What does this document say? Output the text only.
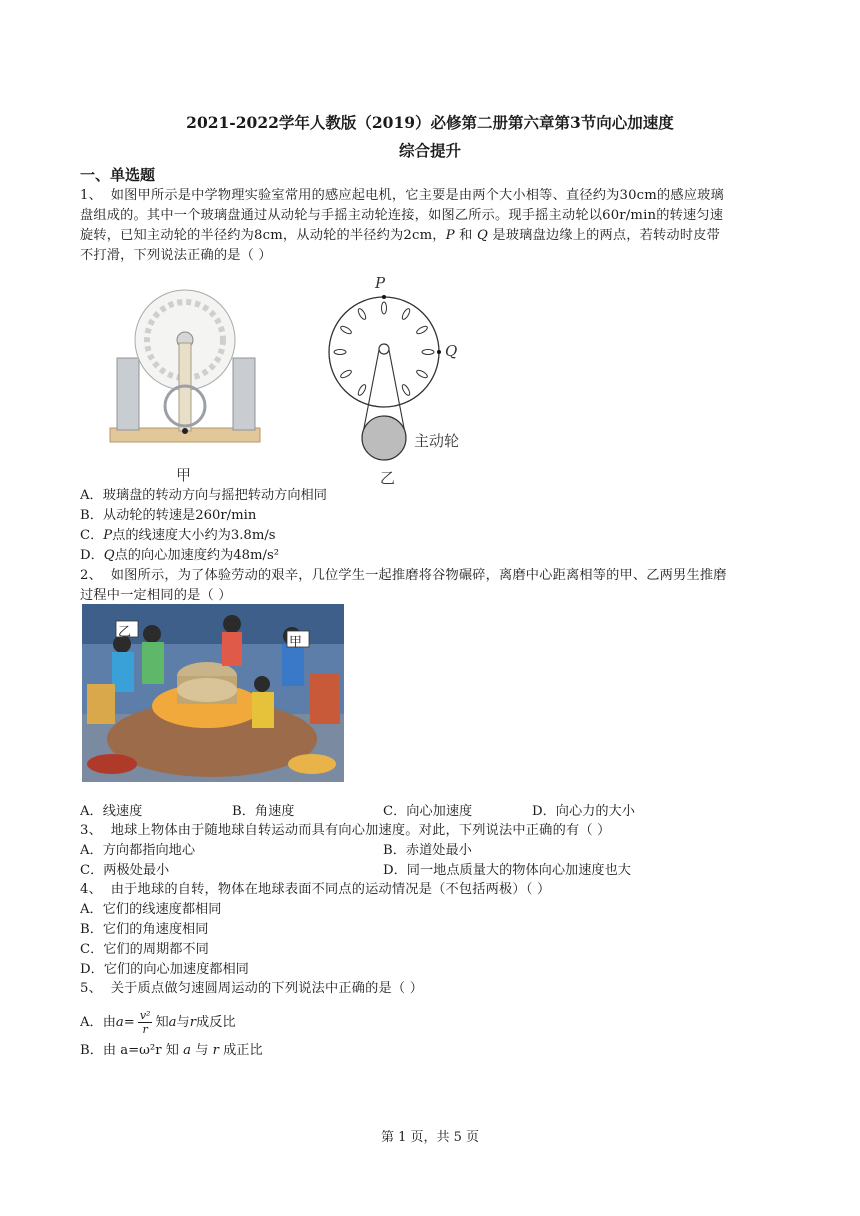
2021-2022学年人教版（2019）必修第二册第六章第3节向心加速度
综合提升
一、单选题
1、 如图甲所示是中学物理实验室常用的感应起电机，它主要是由两个大小相等、直径约为30cm的感应玻璃
盘组成的。其中一个玻璃盘通过从动轮与手摇主动轮连接，如图乙所示。现手摇主动轮以60r/min的转速匀速
旋转，已知主动轮的半径约为8cm，从动轮的半径约为2cm，P 和 Q 是玻璃盘边缘上的两点，若转动时皮带
不打滑，下列说法正确的是（ ）
甲
P
Q
主动轮
乙
A．玻璃盘的转动方向与摇把转动方向相同
B．从动轮的转速是260r/min
C．P点的线速度大小约为3.8m/s
D．Q点的向心加速度约为48m/s²
2、 如图所示，为了体验劳动的艰辛，几位学生一起推磨将谷物碾碎，离磨中心距离相等的甲、乙两男生推磨
过程中一定相同的是（ ）
乙
甲
A．线速度	B．角速度	C．向心加速度	D．向心力的大小
3、 地球上物体由于随地球自转运动而具有向心加速度。对此，下列说法中正确的有（ ）
A．方向都指向地心	B．赤道处最小
C．两极处最小	D．同一地点质量大的物体向心加速度也大
4、 由于地球的自转，物体在地球表面不同点的运动情况是（不包括两极）（ ）
A．它们的线速度都相同
B．它们的角速度相同
C．它们的周期都不同
D．它们的向心加速度都相同
5、 关于质点做匀速圆周运动的下列说法中正确的是（ ）
A．由 $a = \frac{\text{v²}}{r}$ 知 a 与 r 成反比
B．由 a=ω²r 知 a 与 r 成正比
第 1 页，共 5 页
